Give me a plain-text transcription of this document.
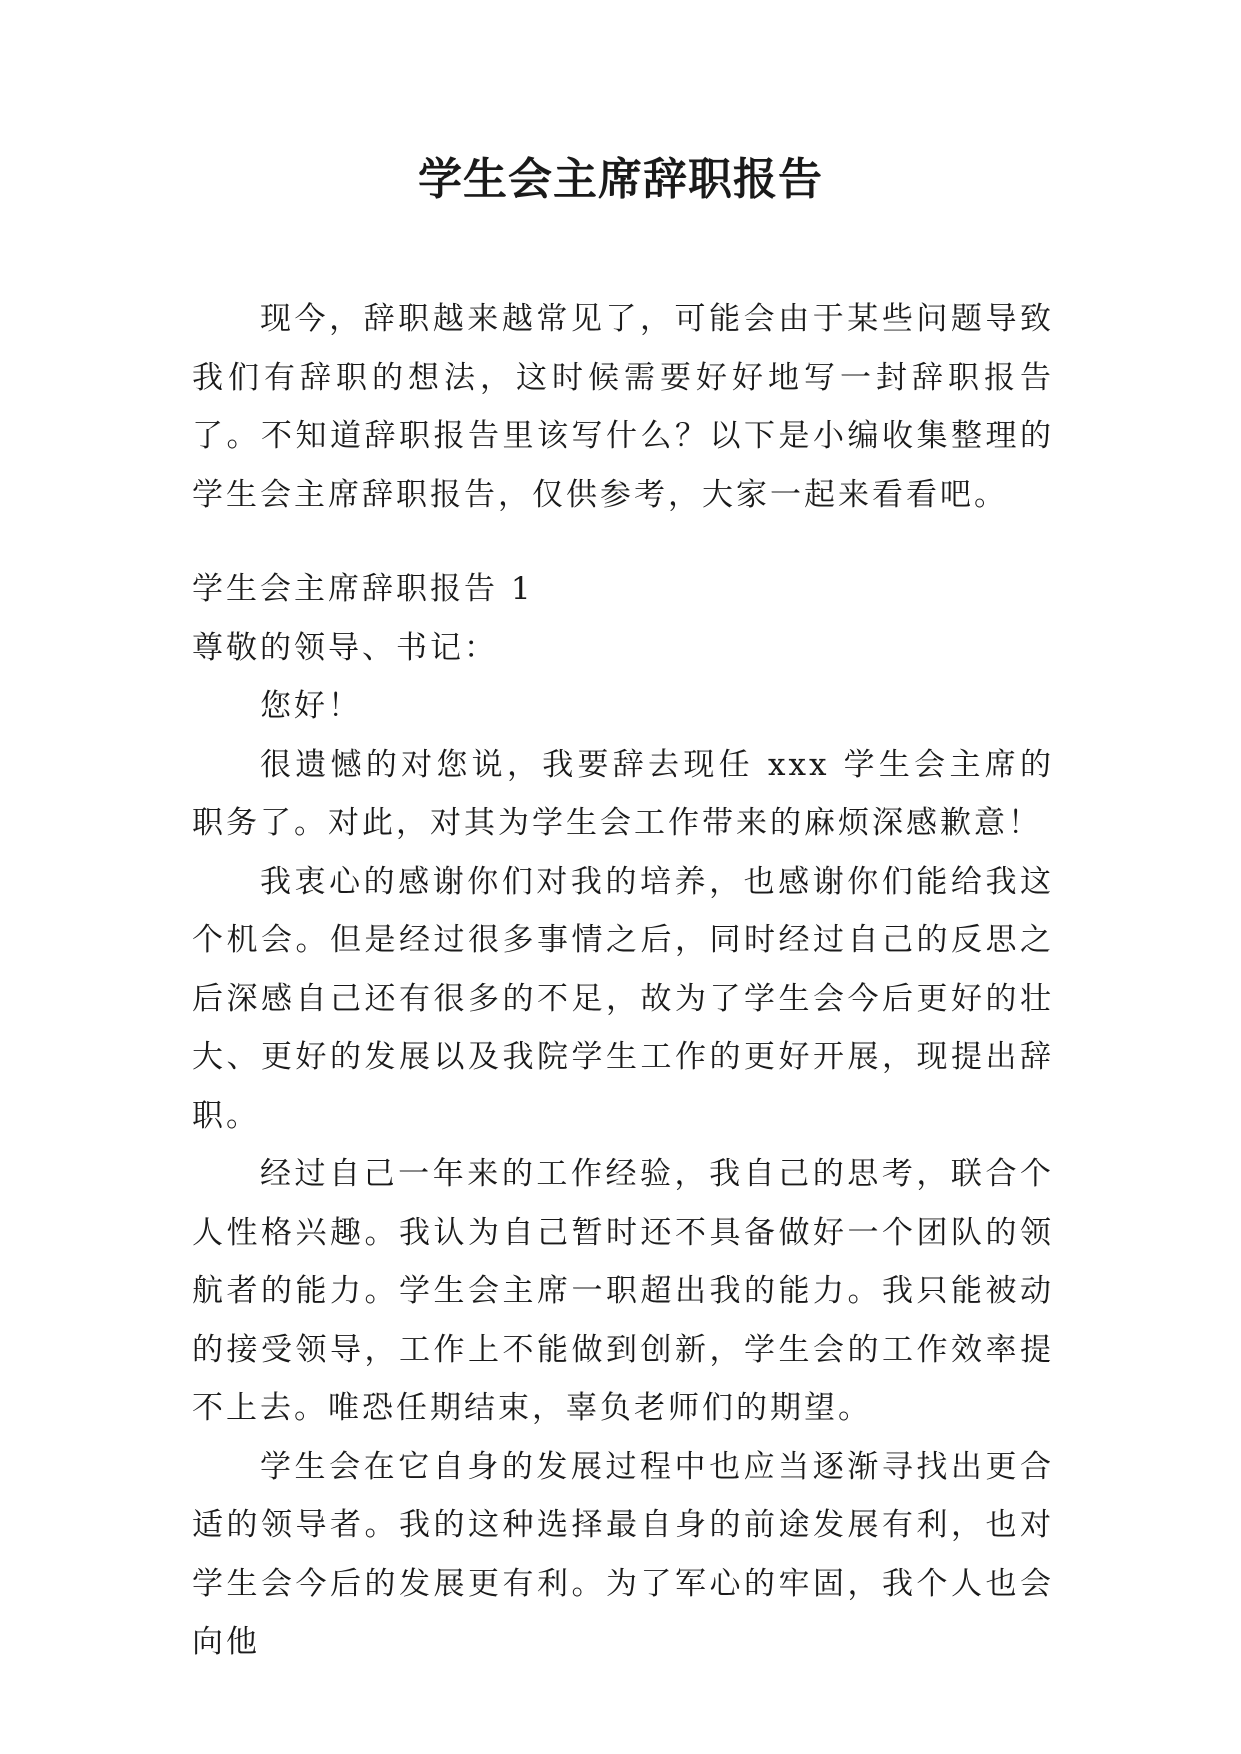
学生会主席辞职报告

现今，辞职越来越常见了，可能会由于某些问题导致我们有辞职的想法，这时候需要好好地写一封辞职报告了。不知道辞职报告里该写什么？以下是小编收集整理的学生会主席辞职报告，仅供参考，大家一起来看看吧。

学生会主席辞职报告 1

尊敬的领导、书记：

您好！

很遗憾的对您说，我要辞去现任 xxx 学生会主席的职务了。对此，对其为学生会工作带来的麻烦深感歉意！

我衷心的感谢你们对我的培养，也感谢你们能给我这个机会。但是经过很多事情之后，同时经过自己的反思之后深感自己还有很多的不足，故为了学生会今后更好的壮大、更好的发展以及我院学生工作的更好开展，现提出辞职。

经过自己一年来的工作经验，我自己的思考，联合个人性格兴趣。我认为自己暂时还不具备做好一个团队的领航者的能力。学生会主席一职超出我的能力。我只能被动的接受领导，工作上不能做到创新，学生会的工作效率提不上去。唯恐任期结束，辜负老师们的期望。

学生会在它自身的发展过程中也应当逐渐寻找出更合适的领导者。我的这种选择最自身的前途发展有利，也对学生会今后的发展更有利。为了军心的牢固，我个人也会向他
